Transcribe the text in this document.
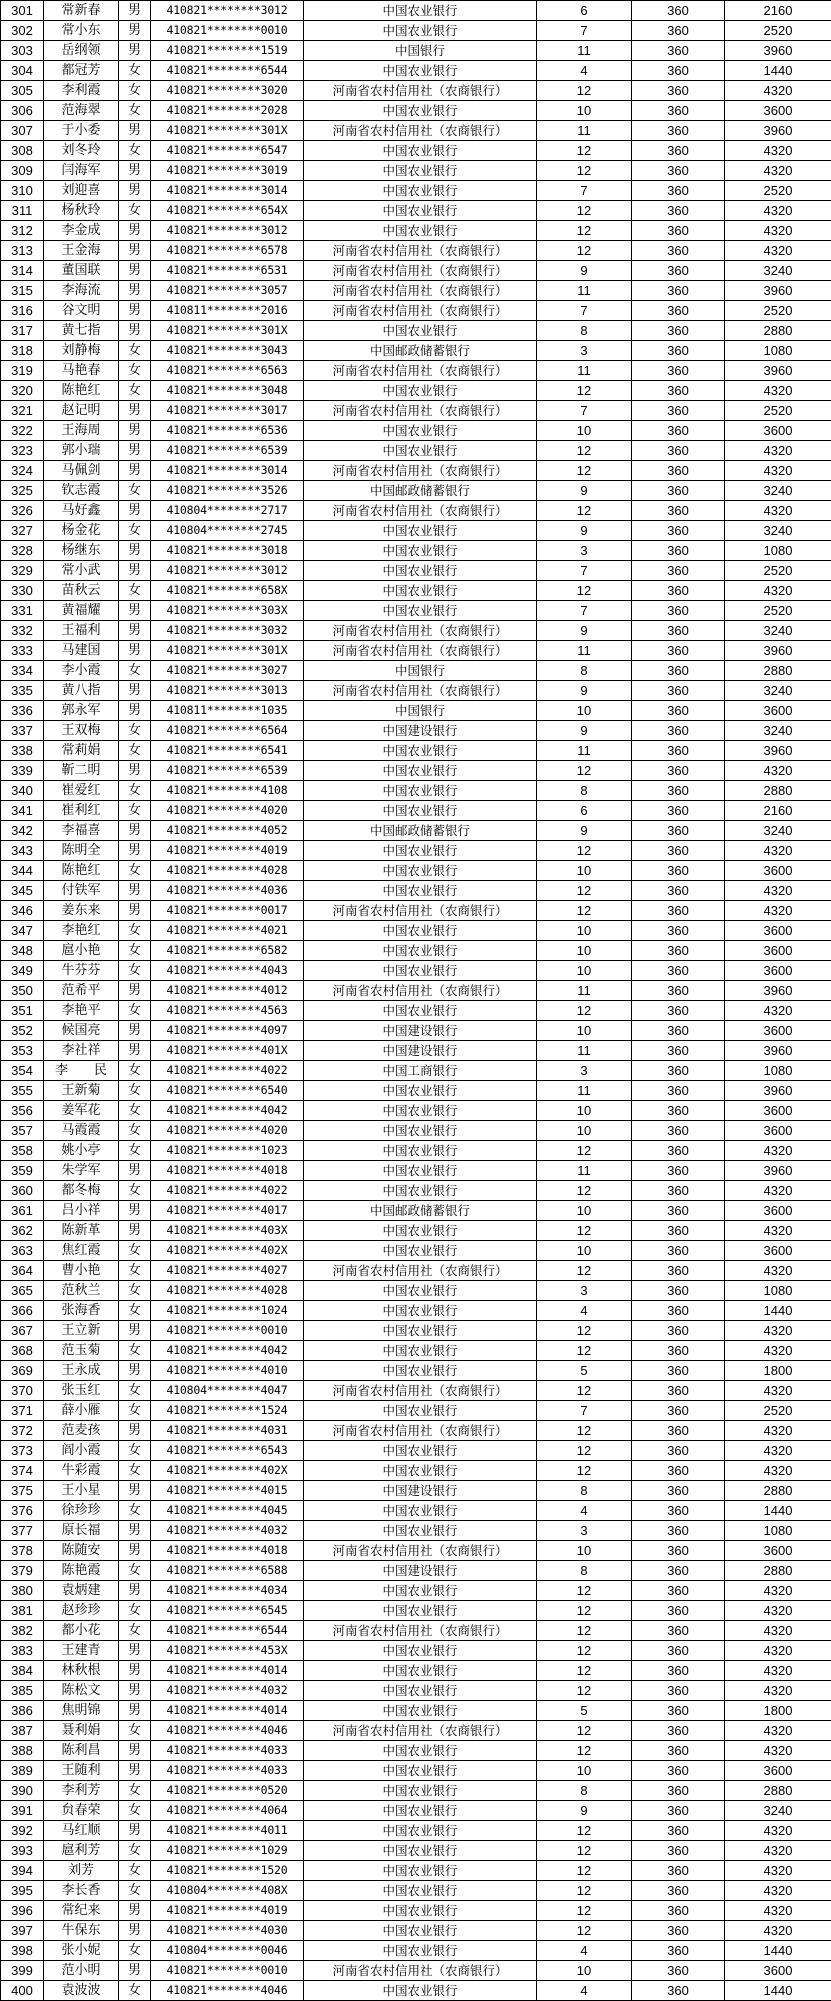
301	常新春	男	410821********3012	中国农业银行	6	360	2160
302	常小东	男	410821********0010	中国农业银行	7	360	2520
303	岳纲领	男	410821********1519	中国银行	11	360	3960
304	都冠芳	女	410821********6544	中国农业银行	4	360	1440
305	李利霞	女	410821********3020	河南省农村信用社（农商银行）	12	360	4320
306	范海翠	女	410821********2028	中国农业银行	10	360	3600
307	于小委	男	410821********301X	河南省农村信用社（农商银行）	11	360	3960
308	刘冬玲	女	410821********6547	中国农业银行	12	360	4320
309	闫海军	男	410821********3019	中国农业银行	12	360	4320
310	刘迎喜	男	410821********3014	中国农业银行	7	360	2520
311	杨秋玲	女	410821********654X	中国农业银行	12	360	4320
312	李金成	男	410821********3012	中国农业银行	12	360	4320
313	王金海	男	410821********6578	河南省农村信用社（农商银行）	12	360	4320
314	董国联	男	410821********6531	河南省农村信用社（农商银行）	9	360	3240
315	李海流	男	410821********3057	河南省农村信用社（农商银行）	11	360	3960
316	谷文明	男	410811********2016	河南省农村信用社（农商银行）	7	360	2520
317	黄七指	男	410821********301X	中国农业银行	8	360	2880
318	刘静梅	女	410821********3043	中国邮政储蓄银行	3	360	1080
319	马艳春	女	410821********6563	河南省农村信用社（农商银行）	11	360	3960
320	陈艳红	女	410821********3048	中国农业银行	12	360	4320
321	赵记明	男	410821********3017	河南省农村信用社（农商银行）	7	360	2520
322	王海周	男	410821********6536	中国农业银行	10	360	3600
323	郭小瑞	男	410821********6539	中国农业银行	12	360	4320
324	马佩剑	男	410821********3014	河南省农村信用社（农商银行）	12	360	4320
325	钦志霞	女	410821********3526	中国邮政储蓄银行	9	360	3240
326	马好鑫	男	410804********2717	河南省农村信用社（农商银行）	12	360	4320
327	杨金花	女	410804********2745	中国农业银行	9	360	3240
328	杨继东	男	410821********3018	中国农业银行	3	360	1080
329	常小武	男	410821********3012	中国农业银行	7	360	2520
330	苗秋云	女	410821********658X	中国农业银行	12	360	4320
331	黄福耀	男	410821********303X	中国农业银行	7	360	2520
332	王福利	男	410821********3032	河南省农村信用社（农商银行）	9	360	3240
333	马建国	男	410821********301X	河南省农村信用社（农商银行）	11	360	3960
334	李小霞	女	410821********3027	中国银行	8	360	2880
335	黄八指	男	410821********3013	河南省农村信用社（农商银行）	9	360	3240
336	郭永军	男	410811********1035	中国银行	10	360	3600
337	王双梅	女	410821********6564	中国建设银行	9	360	3240
338	常莉娟	女	410821********6541	中国农业银行	11	360	3960
339	靳二明	男	410821********6539	中国农业银行	12	360	4320
340	崔爱红	女	410821********4108	中国农业银行	8	360	2880
341	崔利红	女	410821********4020	中国农业银行	6	360	2160
342	李福喜	男	410821********4052	中国邮政储蓄银行	9	360	3240
343	陈明全	男	410821********4019	中国农业银行	12	360	4320
344	陈艳红	女	410821********4028	中国农业银行	10	360	3600
345	付铁军	男	410821********4036	中国农业银行	12	360	4320
346	姜东来	男	410821********0017	河南省农村信用社（农商银行）	12	360	4320
347	李艳红	女	410821********4021	中国农业银行	10	360	3600
348	扈小艳	女	410821********6582	中国农业银行	10	360	3600
349	牛芬芬	女	410821********4043	中国农业银行	10	360	3600
350	范希平	男	410821********4012	河南省农村信用社（农商银行）	11	360	3960
351	李艳平	女	410821********4563	中国农业银行	12	360	4320
352	候国亮	男	410821********4097	中国建设银行	10	360	3600
353	李社祥	男	410821********401X	中国建设银行	11	360	3960
354	李　　民	女	410821********4022	中国工商银行	3	360	1080
355	王新菊	女	410821********6540	中国农业银行	11	360	3960
356	姜军花	女	410821********4042	中国农业银行	10	360	3600
357	马霞霞	女	410821********4020	中国农业银行	10	360	3600
358	姚小亭	女	410821********1023	中国农业银行	12	360	4320
359	朱学军	男	410821********4018	中国农业银行	11	360	3960
360	都冬梅	女	410821********4022	中国农业银行	12	360	4320
361	吕小祥	男	410821********4017	中国邮政储蓄银行	10	360	3600
362	陈新革	男	410821********403X	中国农业银行	12	360	4320
363	焦红霞	女	410821********402X	中国农业银行	10	360	3600
364	曹小艳	女	410821********4027	河南省农村信用社（农商银行）	12	360	4320
365	范秋兰	女	410821********4028	中国农业银行	3	360	1080
366	张海香	女	410821********1024	中国农业银行	4	360	1440
367	王立新	男	410821********0010	中国农业银行	12	360	4320
368	范玉菊	女	410821********4042	中国农业银行	12	360	4320
369	王永成	男	410821********4010	中国农业银行	5	360	1800
370	张玉红	女	410804********4047	河南省农村信用社（农商银行）	12	360	4320
371	薛小雁	女	410821********1524	中国农业银行	7	360	2520
372	范麦孩	男	410821********4031	河南省农村信用社（农商银行）	12	360	4320
373	阎小霞	女	410821********6543	中国农业银行	12	360	4320
374	牛彩霞	女	410821********402X	中国农业银行	12	360	4320
375	王小星	男	410821********4015	中国建设银行	8	360	2880
376	徐珍珍	女	410821********4045	中国农业银行	4	360	1440
377	原长福	男	410821********4032	中国农业银行	3	360	1080
378	陈随安	男	410821********4018	河南省农村信用社（农商银行）	10	360	3600
379	陈艳霞	女	410821********6588	中国建设银行	8	360	2880
380	袁炳建	男	410821********4034	中国农业银行	12	360	4320
381	赵珍珍	女	410821********6545	中国农业银行	12	360	4320
382	都小花	女	410821********6544	河南省农村信用社（农商银行）	12	360	4320
383	王建青	男	410821********453X	中国农业银行	12	360	4320
384	林秋根	男	410821********4014	中国农业银行	12	360	4320
385	陈松文	男	410821********4032	中国农业银行	12	360	4320
386	焦明锦	男	410821********4014	中国农业银行	5	360	1800
387	聂利娟	女	410821********4046	河南省农村信用社（农商银行）	12	360	4320
388	陈利昌	男	410821********4033	中国农业银行	12	360	4320
389	王随利	男	410821********4033	中国农业银行	10	360	3600
390	李利芳	女	410821********0520	中国农业银行	8	360	2880
391	贠春荣	女	410821********4064	中国农业银行	9	360	3240
392	马红顺	男	410821********4011	中国农业银行	12	360	4320
393	扈利芳	女	410821********1029	中国农业银行	12	360	4320
394	刘芳	女	410821********1520	中国农业银行	12	360	4320
395	李长香	女	410804********408X	中国农业银行	12	360	4320
396	常纪来	男	410821********4019	中国农业银行	12	360	4320
397	牛保东	男	410821********4030	中国农业银行	12	360	4320
398	张小妮	女	410804********0046	中国农业银行	4	360	1440
399	范小明	男	410821********0010	河南省农村信用社（农商银行）	10	360	3600
400	袁波波	女	410821********4046	中国农业银行	4	360	1440
